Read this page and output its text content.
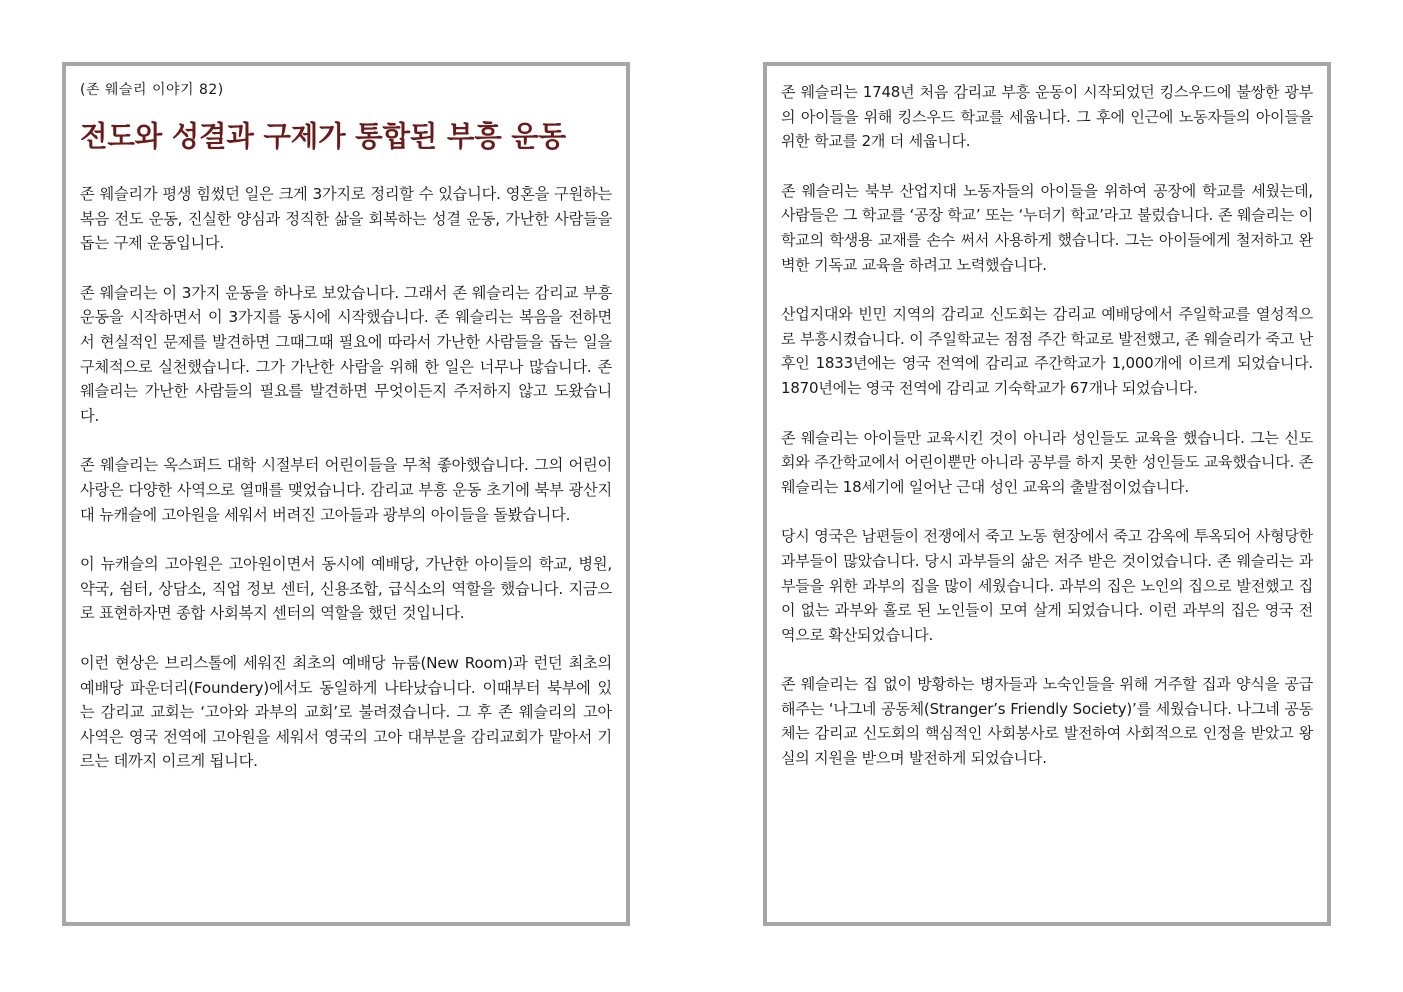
(존 웨슬리 이야기 82)
전도와 성결과 구제가 통합된 부흥 운동

존 웨슬리가 평생 힘썼던 일은 크게 3가지로 정리할 수 있습니다. 영혼을 구원하는 복음 전도 운동, 진실한 양심과 정직한 삶을 회복하는 성결 운동, 가난한 사람들을 돕는 구제 운동입니다.

존 웨슬리는 이 3가지 운동을 하나로 보았습니다. 그래서 존 웨슬리는 감리교 부흥 운동을 시작하면서 이 3가지를 동시에 시작했습니다. 존 웨슬리는 복음을 전하면서 현실적인 문제를 발견하면 그때그때 필요에 따라서 가난한 사람들을 돕는 일을 구체적으로 실천했습니다. 그가 가난한 사람을 위해 한 일은 너무나 많습니다. 존 웨슬리는 가난한 사람들의 필요를 발견하면 무엇이든지 주저하지 않고 도왔습니다.

존 웨슬리는 옥스퍼드 대학 시절부터 어린이들을 무척 좋아했습니다. 그의 어린이 사랑은 다양한 사역으로 열매를 맺었습니다. 감리교 부흥 운동 초기에 북부 광산지대 뉴캐슬에 고아원을 세워서 버려진 고아들과 광부의 아이들을 돌봤습니다.

이 뉴캐슬의 고아원은 고아원이면서 동시에 예배당, 가난한 아이들의 학교, 병원, 약국, 쉼터, 상담소, 직업 정보 센터, 신용조합, 급식소의 역할을 했습니다. 지금으로 표현하자면 종합 사회복지 센터의 역할을 했던 것입니다.

이런 현상은 브리스톨에 세워진 최초의 예배당 뉴룸(New Room)과 런던 최초의 예배당 파운더리(Foundery)에서도 동일하게 나타났습니다. 이때부터 북부에 있는 감리교 교회는 ‘고아와 과부의 교회’로 불려졌습니다. 그 후 존 웨슬리의 고아 사역은 영국 전역에 고아원을 세워서 영국의 고아 대부분을 감리교회가 맡아서 기르는 데까지 이르게 됩니다.

존 웨슬리는 1748년 처음 감리교 부흥 운동이 시작되었던 킹스우드에 불쌍한 광부의 아이들을 위해 킹스우드 학교를 세웁니다. 그 후에 인근에 노동자들의 아이들을 위한 학교를 2개 더 세웁니다.

존 웨슬리는 북부 산업지대 노동자들의 아이들을 위하여 공장에 학교를 세웠는데, 사람들은 그 학교를 ‘공장 학교’ 또는 ‘누더기 학교’라고 불렀습니다. 존 웨슬리는 이 학교의 학생용 교재를 손수 써서 사용하게 했습니다. 그는 아이들에게 철저하고 완벽한 기독교 교육을 하려고 노력했습니다.

산업지대와 빈민 지역의 감리교 신도회는 감리교 예배당에서 주일학교를 열성적으로 부흥시켰습니다. 이 주일학교는 점점 주간 학교로 발전했고, 존 웨슬리가 죽고 난 후인 1833년에는 영국 전역에 감리교 주간학교가 1,000개에 이르게 되었습니다. 1870년에는 영국 전역에 감리교 기숙학교가 67개나 되었습니다.

존 웨슬리는 아이들만 교육시킨 것이 아니라 성인들도 교육을 했습니다. 그는 신도회와 주간학교에서 어린이뿐만 아니라 공부를 하지 못한 성인들도 교육했습니다. 존 웨슬리는 18세기에 일어난 근대 성인 교육의 출발점이었습니다.

당시 영국은 남편들이 전쟁에서 죽고 노동 현장에서 죽고 감옥에 투옥되어 사형당한 과부들이 많았습니다. 당시 과부들의 삶은 저주 받은 것이었습니다. 존 웨슬리는 과부들을 위한 과부의 집을 많이 세웠습니다. 과부의 집은 노인의 집으로 발전했고 집이 없는 과부와 홀로 된 노인들이 모여 살게 되었습니다. 이런 과부의 집은 영국 전역으로 확산되었습니다.

존 웨슬리는 집 없이 방황하는 병자들과 노숙인들을 위해 거주할 집과 양식을 공급해주는 ‘나그네 공동체(Stranger’s Friendly Society)’를 세웠습니다. 나그네 공동체는 감리교 신도회의 핵심적인 사회봉사로 발전하여 사회적으로 인정을 받았고 왕실의 지원을 받으며 발전하게 되었습니다.
